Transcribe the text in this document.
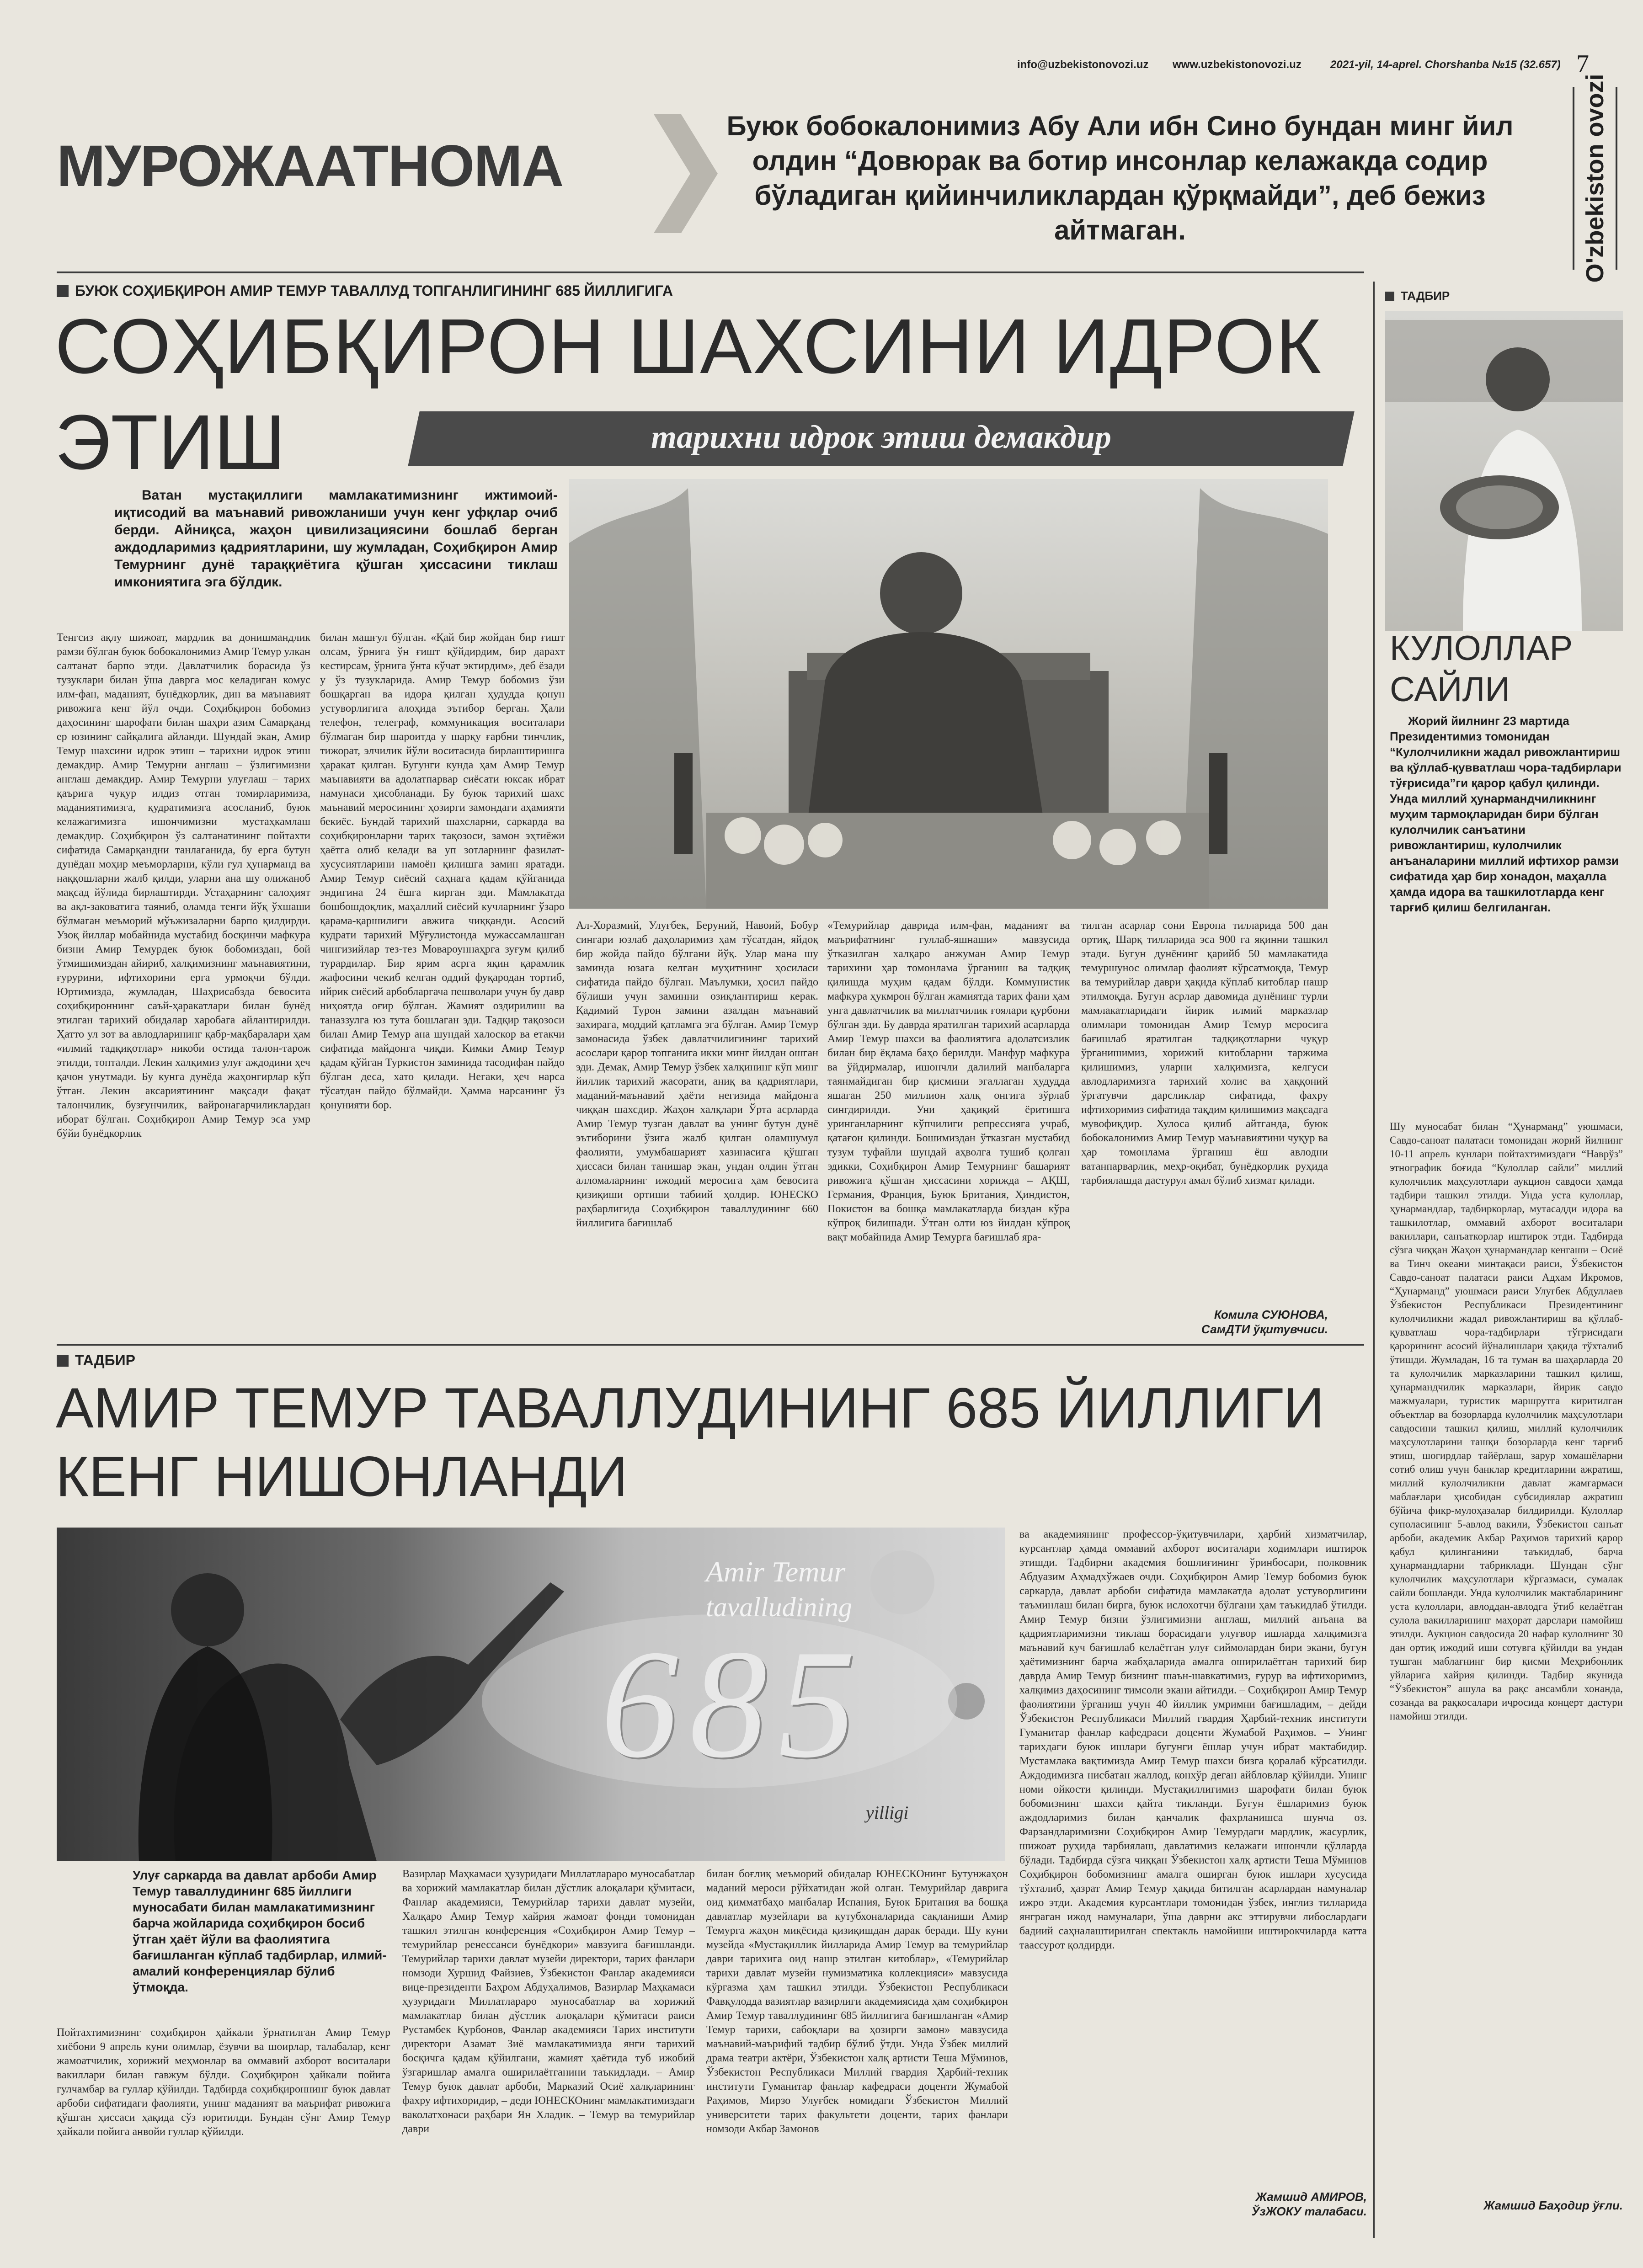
info@uzbekistonovozi.uz www.uzbekistonovozi.uz	2021-yil, 14-aprel. Chorshanba №15 (32.657) 7
O'zbekiston ovozi
МУРОЖААТНОМА
Буюк бобокалонимиз Абу Али ибн Сино бундан минг йил олдин “Довюрак ва ботир инсонлар келажакда содир бўладиган қийинчиликлардан қўрқмайди”, деб бежиз айтмаган.
БУЮК СОҲИБҚИРОН АМИР ТЕМУР ТАВАЛЛУД ТОПГАНЛИГИНИНГ 685 ЙИЛЛИГИГА
СОҲИБҚИРОН ШАХСИНИ ИДРОК
ЭТИШ	тарихни идрок этиш демакдир
Ватан мустақиллиги мамлакатимизнинг ижтимоий-иқтисодий ва маънавий ривожланиши учун кенг уфқлар очиб берди. Айниқса, жаҳон цивилизациясини бошлаб берган аждодларимиз қадриятларини, шу жумладан, Соҳибқирон Амир Темурнинг дунё тараққиётига қўшган ҳиссасини тиклаш имкониятига эга бўлдик.
Тенгсиз ақлу шижоат, мардлик ва донишмандлик рамзи бўлган буюк бобокалонимиз Амир Темур улкан салтанат барпо этди. Давлатчилик борасида ўз тузуклари билан ўша даврга мос келадиган комус илм-фан, маданият, бунёдкорлик, дин ва маънавият ривожига кенг йўл очди. Соҳибқирон бобомиз даҳосининг шарофати билан шаҳри азим Самарқанд ер юзининг сайқалига айланди. Шундай экан, Амир Темур шахсини идрок этиш – тарихни идрок этиш демакдир. Амир Темурни англаш – ўзлигимизни англаш демакдир. Амир Темурни улуғлаш – тарих қаърига чуқур илдиз отган томирларимиза, маданиятимизга, қудратимизга асосланиб, буюк келажагимизга ишончимизни мустаҳкамлаш демакдир. Соҳибқирон ўз салтанатининг пойтахти сифатида Самарқандни танлаганида, бу ерга бутун дунёдан моҳир меъморларни, кўли гул ҳунарманд ва наққошларни жалб қилди, уларни ана шу олижаноб мақсад йўлида бирлаштирди. Устаҳарнинг салоҳият ва ақл-заковатига таяниб, оламда тенги йўқ ўхшаши бўлмаган меъморий мўъжизаларни барпо қилдирди. Узоқ йиллар мобайнида мустабид босқинчи мафкура бизни Амир Темурдек буюк бобомиздан, бой ўтмишимиздан айириб, халқимизнинг маънавиятини, ғурурини, ифтихорини ерга урмоқчи бўлди. Юртимизда, жумладан, Шаҳрисабзда бевосита соҳибқироннинг саъй-ҳаракатлари билан бунёд этилган тарихий обидалар харобага айлантирилди. Ҳатто ул зот ва авлодларининг қабр-мақбаралари ҳам «илмий тадқиқотлар» никоби остида талон-тарож этилди, топталди. Лекин халқимиз улуғ аждодини ҳеч қачон унутмади. Бу кунга дунёда жаҳонгирлар кўп ўтган. Лекин аксариятининг мақсади фақат талончилик, бузғунчилик, вайронагарчиликлардан иборат бўлган. Соҳибқирон Амир Темур эса умр бўйи бунёдкорлик
билан машғул бўлган. «Қай бир жойдан бир ғишт олсам, ўрнига ўн ғишт қўйдирдим, бир дарахт кестирсам, ўрнига ўнта кўчат эктирдим», деб ёзади у ўз тузукларида. Амир Темур бобомиз ўзи бошқарган ва идора қилган ҳудудда қонун устуворлигига алоҳида эътибор берган. Ҳали телефон, телеграф, коммуникация воситалари бўлмаган бир шароитда у шарқу ғарбни тинчлик, тижорат, элчилик йўли воситасида бирлаштиришга ҳаракат қилган. Бугунги кунда ҳам Амир Темур маънавияти ва адолатпарвар сиёсати юксак ибрат намунаси ҳисобланади. Бу буюк тарихий шахс маънавий меросининг ҳозирги замондаги аҳамияти бекиёс. Бундай тарихий шахсларни, саркарда ва соҳибқиронларни тарих тақозоси, замон эҳтиёжи ҳаётга олиб келади ва уп зотларнинг фазилат-хусусиятларини намоён қилишга замин яратади. Амир Темур сиёсий саҳнага қадам қўйганида эндигина 24 ёшга кирган эди. Мамлакатда бошбошдоқлик, маҳаллий сиёсий кучларнинг ўзаро қарама-қаршилиги авжига чиққанди. Асосий кудрати тарихий Мўғулистонда мужассамлашган чингизийлар тез-тез Мовароуннаҳрга зуғум қилиб турардилар. Бир ярим асрга яқин қарамлик жафосини чекиб келган оддий фуқародан тортиб, ийрик сиёсий арбобларгача пешволари учун бу давр ниҳоятда оғир бўлган. Жамият оздирилиш ва таназзулга юз тута бошлаган эди. Тадқир тақозоси билан Амир Темур ана шундай халоскор ва етакчи сифатида майдонга чиқди. Кимки Амир Темур қадам қўйган Туркистон заминида тасодифан пайдо бўлган деса, хато қилади. Негаки, ҳеч нарса тўсатдан пайдо бўлмайди. Ҳамма нарсанинг ўз қонунияти бор.
Ал-Хоразмий, Улуғбек, Беруний, Навоий, Бобур сингари юзлаб даҳоларимиз ҳам тўсатдан, яйдоқ бир жойда пайдо бўлгани йўқ. Улар мана шу заминда юзага келган муҳитнинг ҳосиласи сифатида пайдо бўлган. Маълумки, ҳосил пайдо бўлиши учун заминни озиқлантириш керак. Қадимий Турон замини азалдан маънавий захирага, моддий қатламга эга бўлган. Амир Темур замонасида ўзбек давлатчилигининг тарихий асослари қарор топганига икки минг йилдан ошган эди. Демак, Амир Темур ўзбек халқининг кўп минг йиллик тарихий жасорати, аниқ ва қадриятлари, маданий-маънавий ҳаёти негизида майдонга чиққан шахсдир. Жаҳон халқлари Ўрта асрларда Амир Темур тузган давлат ва унинг бутун дунё эътиборини ўзига жалб қилган оламшумул фаолияти, умумбашарият хазинасига қўшган ҳиссаси билан танишар экан, ундан олдин ўтган алломаларнинг ижодий меросига ҳам бевосита қизиқиши ортиши табиий ҳолдир. ЮНЕСКО раҳбарлигида Соҳибқирон таваллудининг 660 йиллигига бағишлаб
«Темурийлар даврида илм-фан, маданият ва маърифатнинг гуллаб-яшнаши» мавзусида ўтказилган халқаро анжуман Амир Темур тарихини ҳар томонлама ўрганиш ва тадқиқ қилишда муҳим қадам бўлди. Коммунистик мафкура ҳукмрон бўлган жамиятда тарих фани ҳам унга давлатчилик ва миллатчилик ғоялари қурбони бўлган эди. Бу даврда яратилган тарихий асарларда Амир Темур шахси ва фаолиятига адолатсизлик билан бир ёқлама баҳо берилди. Манфур мафкура ва ўйдирмалар, ишончли далилий манбаларга таянмайдиган бир қисмини эгаллаган ҳудудда яшаган 250 миллион халқ онгига зўрлаб сингдирилди. Уни ҳақиқий ёритишга уринганларнинг кўпчилиги репрессияга учраб, қатағон қилинди. Бошимиздан ўтказган мустабид тузум туфайли шундай аҳволга тушиб қолган эдикки, Соҳибқирон Амир Темурнинг башарият ривожига қўшган ҳиссасини хорижда – АҚШ, Германия, Франция, Буюк Британия, Ҳиндистон, Покистон ва бошқа мамлакатларда биздан кўра кўпроқ билишади. Ўтган олти юз йилдан кўпроқ вақт мобайнида Амир Темурга бағишлаб яра-
тилган асарлар сони Европа тилларида 500 дан ортиқ, Шарқ тилларида эса 900 га яқинни ташкил этади. Бугун дунёнинг қарийб 50 мамлакатида темуршунос олимлар фаолият кўрсатмоқда, Темур ва темурийлар даври ҳақида кўплаб китоблар нашр этилмоқда. Бугун асрлар давомида дунёнинг турли мамлакатларидаги йирик илмий марказлар олимлари томонидан Амир Темур меросига бағишлаб яратилган тадқиқотларни чуқур ўрганишимиз, хорижий китобларни таржима қилишимиз, уларни халқимизга, келгуси авлодларимизга тарихий холис ва ҳаққоний ўргатувчи дарсликлар сифатида, фахру ифтихоримиз сифатида тақдим қилишимиз мақсадга мувофиқдир. Хулоса қилиб айтганда, буюк бобокалонимиз Амир Темур маънавиятини чуқур ва ҳар томонлама ўрганиш ёш авлодни ватанпарварлик, меҳр-оқибат, бунёдкорлик руҳида тарбиялашда дастурул амал бўлиб хизмат қилади.
Комила СУЮНОВА,
СамДТИ ўқитувчиси.
ТАДБИР
АМИР ТЕМУР ТАВАЛЛУДИНИНГ 685 ЙИЛЛИГИ
КЕНГ НИШОНЛАНДИ
Amir Temur
tavalludining
685
yilligi
Улуғ саркарда ва давлат арбоби Амир Темур таваллудининг 685 йиллиги муносабати билан мамлакатимизнинг барча жойларида соҳибқирон босиб ўтган ҳаёт йўли ва фаолиятига бағишланган кўплаб тадбирлар, илмий-амалий конференциялар бўлиб ўтмоқда.
Пойтахтимизнинг соҳибқирон ҳайкали ўрнатилган Амир Темур хиёбони 9 апрель куни олимлар, ёзувчи ва шоирлар, талабалар, кенг жамоатчилик, хорижий меҳмонлар ва оммавий ахборот воситалари вакиллари билан гавжум бўлди. Соҳибқирон ҳайкали пойига гулчамбар ва гуллар қўйилди. Тадбирда соҳибқироннинг буюк давлат арбоби сифатидаги фаолияти, унинг маданият ва маърифат ривожига қўшган ҳиссаси ҳақида сўз юритилди. Бундан сўнг Амир Темур ҳайкали пойига анвойи гуллар қўйилди.
Вазирлар Маҳкамаси ҳузуридаги Миллатлараро муносабатлар ва хорижий мамлакатлар билан дўстлик алоқалари қўмитаси, Фанлар академияси, Темурийлар тарихи давлат музейи, Халқаро Амир Темур хайрия жамоат фонди томонидан ташкил этилган конференция «Соҳибқирон Амир Темур – темурийлар ренессанси бунёдкори» мавзуига бағишланди. Темурийлар тарихи давлат музейи директори, тарих фанлари номзоди Хуршид Файзиев, Ўзбекистон Фанлар академияси вице-президенти Баҳром Абдуҳалимов, Вазирлар Маҳкамаси ҳузуридаги Миллатлараро муносабатлар ва хорижий мамлакатлар билан дўстлик алоқалари қўмитаси раиси Рустамбек Қурбонов, Фанлар академияси Тарих институти директори Азамат Зиё мамлакатимизда янги тарихий босқичга қадам қўйилгани, жамият ҳаётида туб ижобий ўзгаришлар амалга оширилаётганини таъкидлади. – Амир Темур буюк давлат арбоби, Марказий Осиё халқларининг фахру ифтихоридир, – деди ЮНЕСКОнинг мамлакатимиздаги ваколатхонаси раҳбари Ян Хладик. – Темур ва темурийлар даври
билан боғлиқ меъморий обидалар ЮНЕСКОнинг Бутунжаҳон маданий мероси рўйхатидан жой олган. Темурийлар даврига оид қимматбаҳо манбалар Испания, Буюк Британия ва бошқа давлатлар музейлари ва кутубхоналарида сақланиши Амир Темурга жаҳон миқёсида қизиқишдан дарак беради. Шу куни музейда «Мустақиллик йилларида Амир Темур ва темурийлар даври тарихига оид нашр этилган китоблар», «Темурийлар тарихи давлат музейи нумизматика коллекцияси» мавзусида кўргазма ҳам ташкил этилди. Ўзбекистон Республикаси Фавқулодда вазиятлар вазирлиги академиясида ҳам соҳибқирон Амир Темур таваллудининг 685 йиллигига бағишланган «Амир Темур тарихи, сабоқлари ва ҳозирги замон» мавзусида маънавий-маърифий тадбир бўлиб ўтди. Унда Ўзбек миллий драма театри актёри, Ўзбекистон халқ артисти Теша Мўминов, Ўзбекистон Республикаси Миллий гвардия Ҳарбий-техник институти Гуманитар фанлар кафедраси доценти Жумабой Раҳимов, Мирзо Улуғбек номидаги Ўзбекистон Миллий университети тарих факультети доценти, тарих фанлари номзоди Акбар Замонов
ва академиянинг профессор-ўқитувчилари, ҳарбий хизматчилар, курсантлар ҳамда оммавий ахборот воситалари ходимлари иштирок этишди. Тадбирни академия бошлиғининг ўринбосари, полковник Абдуазим Аҳмадхўжаев очди. Соҳибқирон Амир Темур бобомиз буюк саркарда, давлат арбоби сифатида мамлакатда адолат устуворлигини таъминлаш билан бирга, буюк ислохотчи бўлгани ҳам таъкидлаб ўтилди. Амир Темур бизни ўзлигимизни англаш, миллий анъана ва қадриятларимизни тиклаш борасидаги улуғвор ишларда халқимизга маънавий куч бағишлаб келаётган улуғ сиймолардан бири экани, бугун ҳаётимизнинг барча жабҳаларида амалга оширилаётган тарихий бир даврда Амир Темур бизнинг шаън-шавкатимиз, ғурур ва ифтихоримиз, халқимиз даҳосининг тимсоли экани айтилди. – Соҳибқирон Амир Темур фаолиятини ўрганиш учун 40 йиллик умримни бағишладим, – дейди Ўзбекистон Республикаси Миллий гвардия Ҳарбий-техник институти Гуманитар фанлар кафедраси доценти Жумабой Раҳимов. – Унинг тарихдаги буюк ишлари бугунги ёшлар учун ибрат мактабидир. Мустамлака вақтимизда Амир Темур шахси бизга қоралаб кўрсатилди. Аждодимизга нисбатан жаллод, конхўр деган айбловлар қўйилди. Унинг номи ойкости қилинди. Мустақиллигимиз шарофати билан буюк бобомизнинг шахси қайта тикланди. Бугун ёшларимиз буюк аждодларимиз билан қанчалик фахрланишса шунча оз. Фарзандларимизни Соҳибқирон Амир Темурдаги мардлик, жасурлик, шижоат руҳида тарбиялаш, давлатимиз келажаги ишончли қўлларда бўлади. Тадбирда сўзга чиққан Ўзбекистон халқ артисти Теша Мўминов Соҳибқирон бобомизнинг амалга оширган буюк ишлари хусусида тўхталиб, ҳазрат Амир Темур ҳақида битилган асарлардан намуналар ижро этди. Академия курсантлари томонидан ўзбек, инглиз тилларида янграган ижод намуналари, ўша даврни акс эттирувчи либослардаги бадиий саҳналаштирилган спектакль намойиши иштирокчиларда катта таассурот қолдирди.
Жамшид АМИРОВ,
ЎзЖОКУ талабаси.
ТАДБИР
КУЛОЛЛАР
САЙЛИ
Жорий йилнинг 23 мартида Президентимиз томонидан “Кулолчиликни жадал ривожлантириш ва қўллаб-қувватлаш чора-тадбирлари тўғрисида”ги қарор қабул қилинди. Унда миллий ҳунармандчиликнинг муҳим тармоқларидан бири бўлган кулолчилик санъатини ривожлантириш, кулолчилик анъаналарини миллий ифтихор рамзи сифатида ҳар бир хонадон, маҳалла ҳамда идора ва ташкилотларда кенг тарғиб қилиш белгиланган.
Шу муносабат билан “Ҳунарманд” уюшмаси, Савдо-санoат палатаси томонидан жорий йилнинг 10-11 апрель кунлари пойтахтимиздаги “Наврўз” этнографик боғида “Кулоллар сайли” миллий кулолчилик маҳсулотлари аукцион савдоси ҳамда тадбири ташкил этилди. Унда уста кулоллар, ҳунармандлар, тадбиркорлар, мутасадди идора ва ташкилотлар, оммавий ахборот воситалари вакиллари, санъаткорлар иштирок этди. Тадбирда сўзга чиққан Жаҳон ҳунармандлар кенгаши – Осиё ва Тинч океани минтақаси раиси, Ўзбекистон Савдо-санoат палатаси раиси Адхам Икромов, “Ҳунарманд” уюшмаси раиси Улуғбек Абдуллаев Ўзбекистон Республикаси Президентининг кулолчиликни жадал ривожлантириш ва қўллаб-қувватлаш чора-тадбирлари тўғрисидаги қарорининг асосий йўналишлари ҳақида тўхталиб ўтишди. Жумладан, 16 та туман ва шаҳарларда 20 та кулолчилик марказларини ташкил қилиш, ҳунармандчилик марказлари, йирик савдо мажмуалари, туристик маршрутга киритилган объектлар ва бозорларда кулолчилик маҳсулотлари савдосини ташкил қилиш, миллий кулолчилик маҳсулотларини ташқи бозорларда кенг тарғиб этиш, шогирдлар тайёрлаш, зарур хомашёларни сотиб олиш учун банклар кредитларини ажратиш, миллий кулолчиликни давлат жамғармаси маблағлари ҳисобидан субсидиялар ажратиш бўйича фикр-мулоҳазалар билдирилди. Кулоллар суполасининг 5-авлод вакили, Ўзбекистон санъат арбоби, академик Акбар Раҳимов тарихий қарор қабул қилинганини таъкидлаб, барча ҳунармандларни табриклади. Шундан сўнг кулолчилик маҳсулотлари кўргазмаси, сумалак сайли бошланди. Унда кулолчилик мактабларининг уста кулоллари, авлоддан-авлодга ўтиб келаётган сулола вакилларининг маҳорат дарслари намойиш этилди. Аукцион савдосида 20 нафар кулолнинг 30 дан ортиқ ижодий иши сотувга қўйилди ва ундан тушган маблағнинг бир қисми Меҳрибонлик уйларига хайрия қилинди. Тадбир якунида “Ўзбекистон” ашула ва рақс ансамбли хонанда, созанда ва рақкосалари иҷросида концерт дастури намойиш этилди.
Жамшид Баҳодир ўғли.
